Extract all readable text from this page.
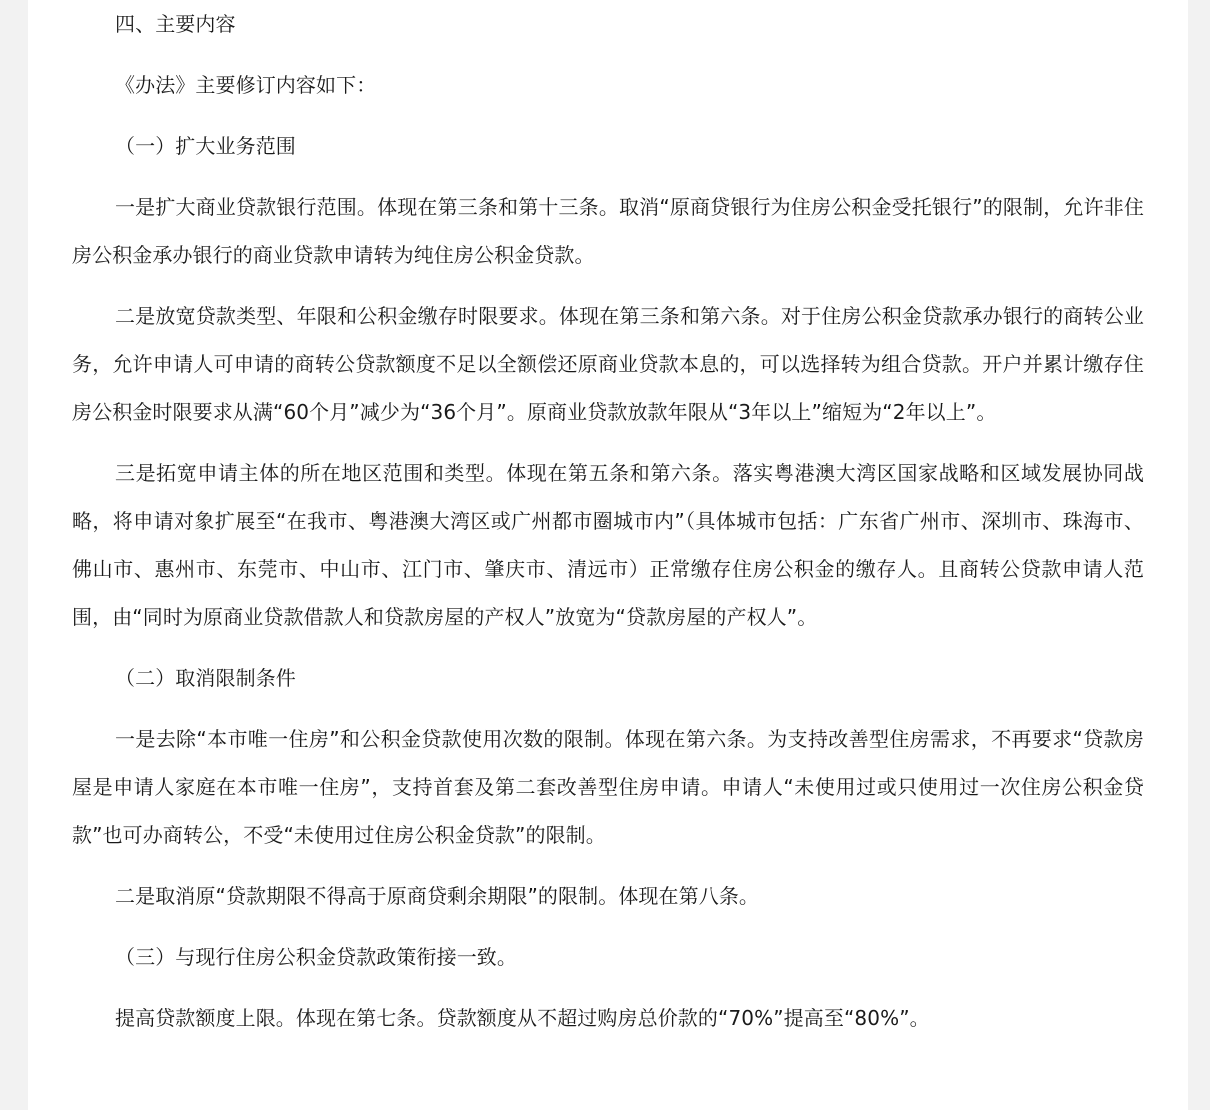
四、主要内容

《办法》主要修订内容如下：

（一）扩大业务范围

一是扩大商业贷款银行范围。体现在第三条和第十三条。取消“原商贷银行为住房公积金受托银行”的限制，允许非住房公积金承办银行的商业贷款申请转为纯住房公积金贷款。

二是放宽贷款类型、年限和公积金缴存时限要求。体现在第三条和第六条。对于住房公积金贷款承办银行的商转公业务，允许申请人可申请的商转公贷款额度不足以全额偿还原商业贷款本息的，可以选择转为组合贷款。开户并累计缴存住房公积金时限要求从满“60个月”减少为“36个月”。原商业贷款放款年限从“3年以上”缩短为“2年以上”。

三是拓宽申请主体的所在地区范围和类型。体现在第五条和第六条。落实粤港澳大湾区国家战略和区域发展协同战略，将申请对象扩展至“在我市、粤港澳大湾区或广州都市圈城市内”（具体城市包括：广东省广州市、深圳市、珠海市、佛山市、惠州市、东莞市、中山市、江门市、肇庆市、清远市）正常缴存住房公积金的缴存人。且商转公贷款申请人范围，由“同时为原商业贷款借款人和贷款房屋的产权人”放宽为“贷款房屋的产权人”。

（二）取消限制条件

一是去除“本市唯一住房”和公积金贷款使用次数的限制。体现在第六条。为支持改善型住房需求，不再要求“贷款房屋是申请人家庭在本市唯一住房”，支持首套及第二套改善型住房申请。申请人“未使用过或只使用过一次住房公积金贷款”也可办商转公，不受“未使用过住房公积金贷款”的限制。

二是取消原“贷款期限不得高于原商贷剩余期限”的限制。体现在第八条。

（三）与现行住房公积金贷款政策衔接一致。

提高贷款额度上限。体现在第七条。贷款额度从不超过购房总价款的“70%”提高至“80%”。
